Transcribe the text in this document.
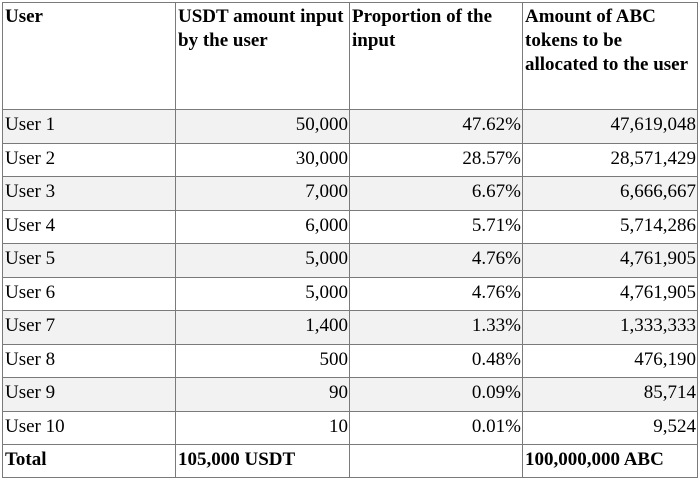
User	USDT amount input by the user	Proportion of the input	Amount of ABC tokens to be allocated to the user
User 1	50,000	47.62%	47,619,048
User 2	30,000	28.57%	28,571,429
User 3	7,000	6.67%	6,666,667
User 4	6,000	5.71%	5,714,286
User 5	5,000	4.76%	4,761,905
User 6	5,000	4.76%	4,761,905
User 7	1,400	1.33%	1,333,333
User 8	500	0.48%	476,190
User 9	90	0.09%	85,714
User 10	10	0.01%	9,524
Total	105,000 USDT		100,000,000 ABC
